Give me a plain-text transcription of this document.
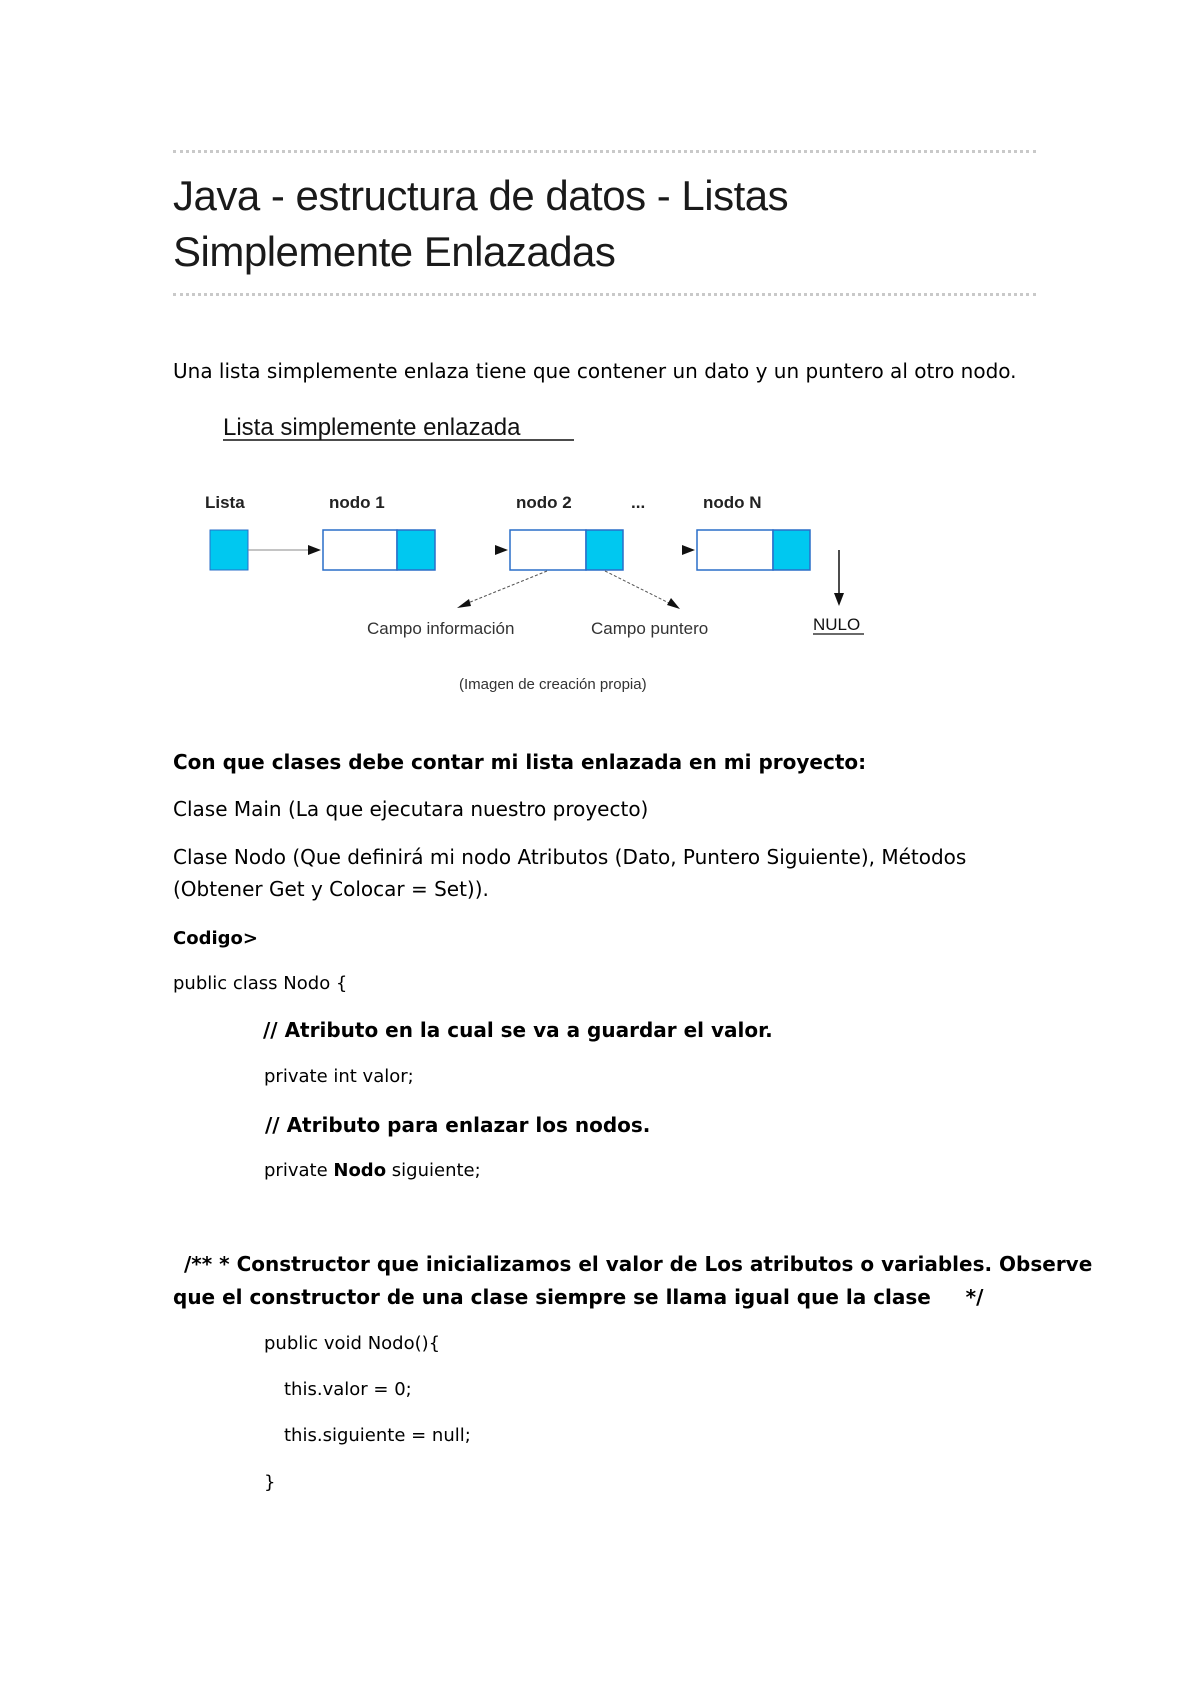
Java - estructura de datos - Listas
Simplemente Enlazadas
Una lista simplemente enlaza tiene que contener un dato y un puntero al otro nodo.
Lista simplemente enlazada
Lista	nodo 1	nodo 2	...	nodo N
Campo información	Campo puntero	NULO
(Imagen de creación propia)
Con que clases debe contar mi lista enlazada en mi proyecto:
Clase Main (La que ejecutara nuestro proyecto)
Clase Nodo (Que definirá mi nodo Atributos (Dato, Puntero Siguiente), Métodos
(Obtener Get y Colocar = Set)).
Codigo>
public class Nodo {
// Atributo en la cual se va a guardar el valor.
private int valor;
// Atributo para enlazar los nodos.
private Nodo siguiente;
/** * Constructor que inicializamos el valor de Los atributos o variables. Observe
que el constructor de una clase siempre se llama igual que la clase     */
public void Nodo(){
this.valor = 0;
this.siguiente = null;
}
